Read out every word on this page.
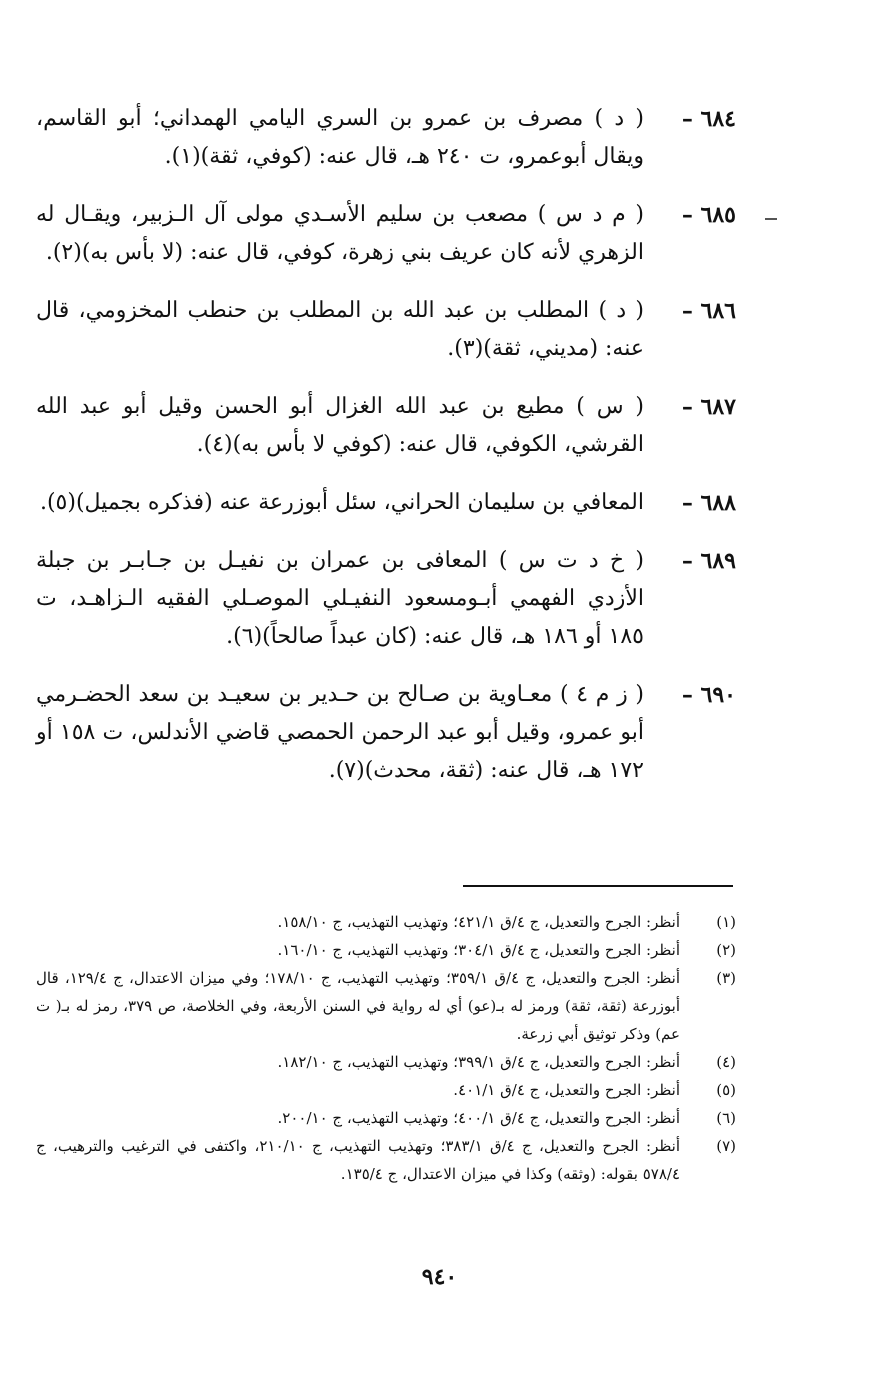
٦٨٤ –
( د ) مصرف بن عمرو بن السري اليامي الهمداني؛ أبو القاسم، ويقال أبوعمرو، ت ٢٤٠ هـ، قال عنه: (كوفي، ثقة)(١).
٦٨٥ –
( م د س ) مصعب بن سليم الأسـدي مولى آل الـزبير، ويقـال له الزهري لأنه كان عريف بني زهرة، كوفي، قال عنه: (لا بأس به)(٢).
٦٨٦ –
( د ) المطلب بن عبد الله بن المطلب بن حنطب المخزومي، قال عنه: (مديني، ثقة)(٣).
٦٨٧ –
( س ) مطيع بن عبد الله الغزال أبو الحسن وقيل أبو عبد الله القرشي، الكوفي، قال عنه: (كوفي لا بأس به)(٤).
٦٨٨ –
المعافي بن سليمان الحراني، سئل أبوزرعة عنه (فذكره بجميل)(٥).
٦٨٩ –
( خ د ت س ) المعافى بن عمران بن نفيـل بن جـابـر بن جبلة الأزدي الفهمي أبـومسعود النفيـلي الموصـلي الفقيه الـزاهـد، ت ١٨٥ أو ١٨٦ هـ، قال عنه: (كان عبداً صالحاً)(٦).
٦٩٠ –
( ز م ٤ ) معـاوية بن صـالح بن حـدير بن سعيـد بن سعد الحضـرمي أبو عمرو، وقيل أبو عبد الرحمن الحمصي قاضي الأندلس، ت ١٥٨ أو ١٧٢ هـ، قال عنه: (ثقة، محدث)(٧).
(١)
أنظر: الجرح والتعديل، ج ٤/ق ٤٢١/١؛ وتهذيب التهذيب، ج ١٥٨/١٠.
(٢)
أنظر: الجرح والتعديل، ج ٤/ق ٣٠٤/١؛ وتهذيب التهذيب، ج ١٦٠/١٠.
(٣)
أنظر: الجرح والتعديل، ج ٤/ق ٣٥٩/١؛ وتهذيب التهذيب، ج ١٧٨/١٠؛ وفي ميزان الاعتدال، ج ١٢٩/٤، قال أبوزرعة (ثقة، ثقة) ورمز له بـ(عو) أي له رواية في السنن الأربعة، وفي الخلاصة، ص ٣٧٩، رمز له بـ( ت عم) وذكر توثيق أبي زرعة.
(٤)
أنظر: الجرح والتعديل، ج ٤/ق ٣٩٩/١؛ وتهذيب التهذيب، ج ١٨٢/١٠.
(٥)
أنظر: الجرح والتعديل، ج ٤/ق ٤٠١/١.
(٦)
أنظر: الجرح والتعديل، ج ٤/ق ٤٠٠/١؛ وتهذيب التهذيب، ج ٢٠٠/١٠.
(٧)
أنظر: الجرح والتعديل، ج ٤/ق ٣٨٣/١؛ وتهذيب التهذيب، ج ٢١٠/١٠، واكتفى في الترغيب والترهيب، ج ٥٧٨/٤ بقوله: (وثقه) وكذا في ميزان الاعتدال، ج ١٣٥/٤.
٩٤٠
